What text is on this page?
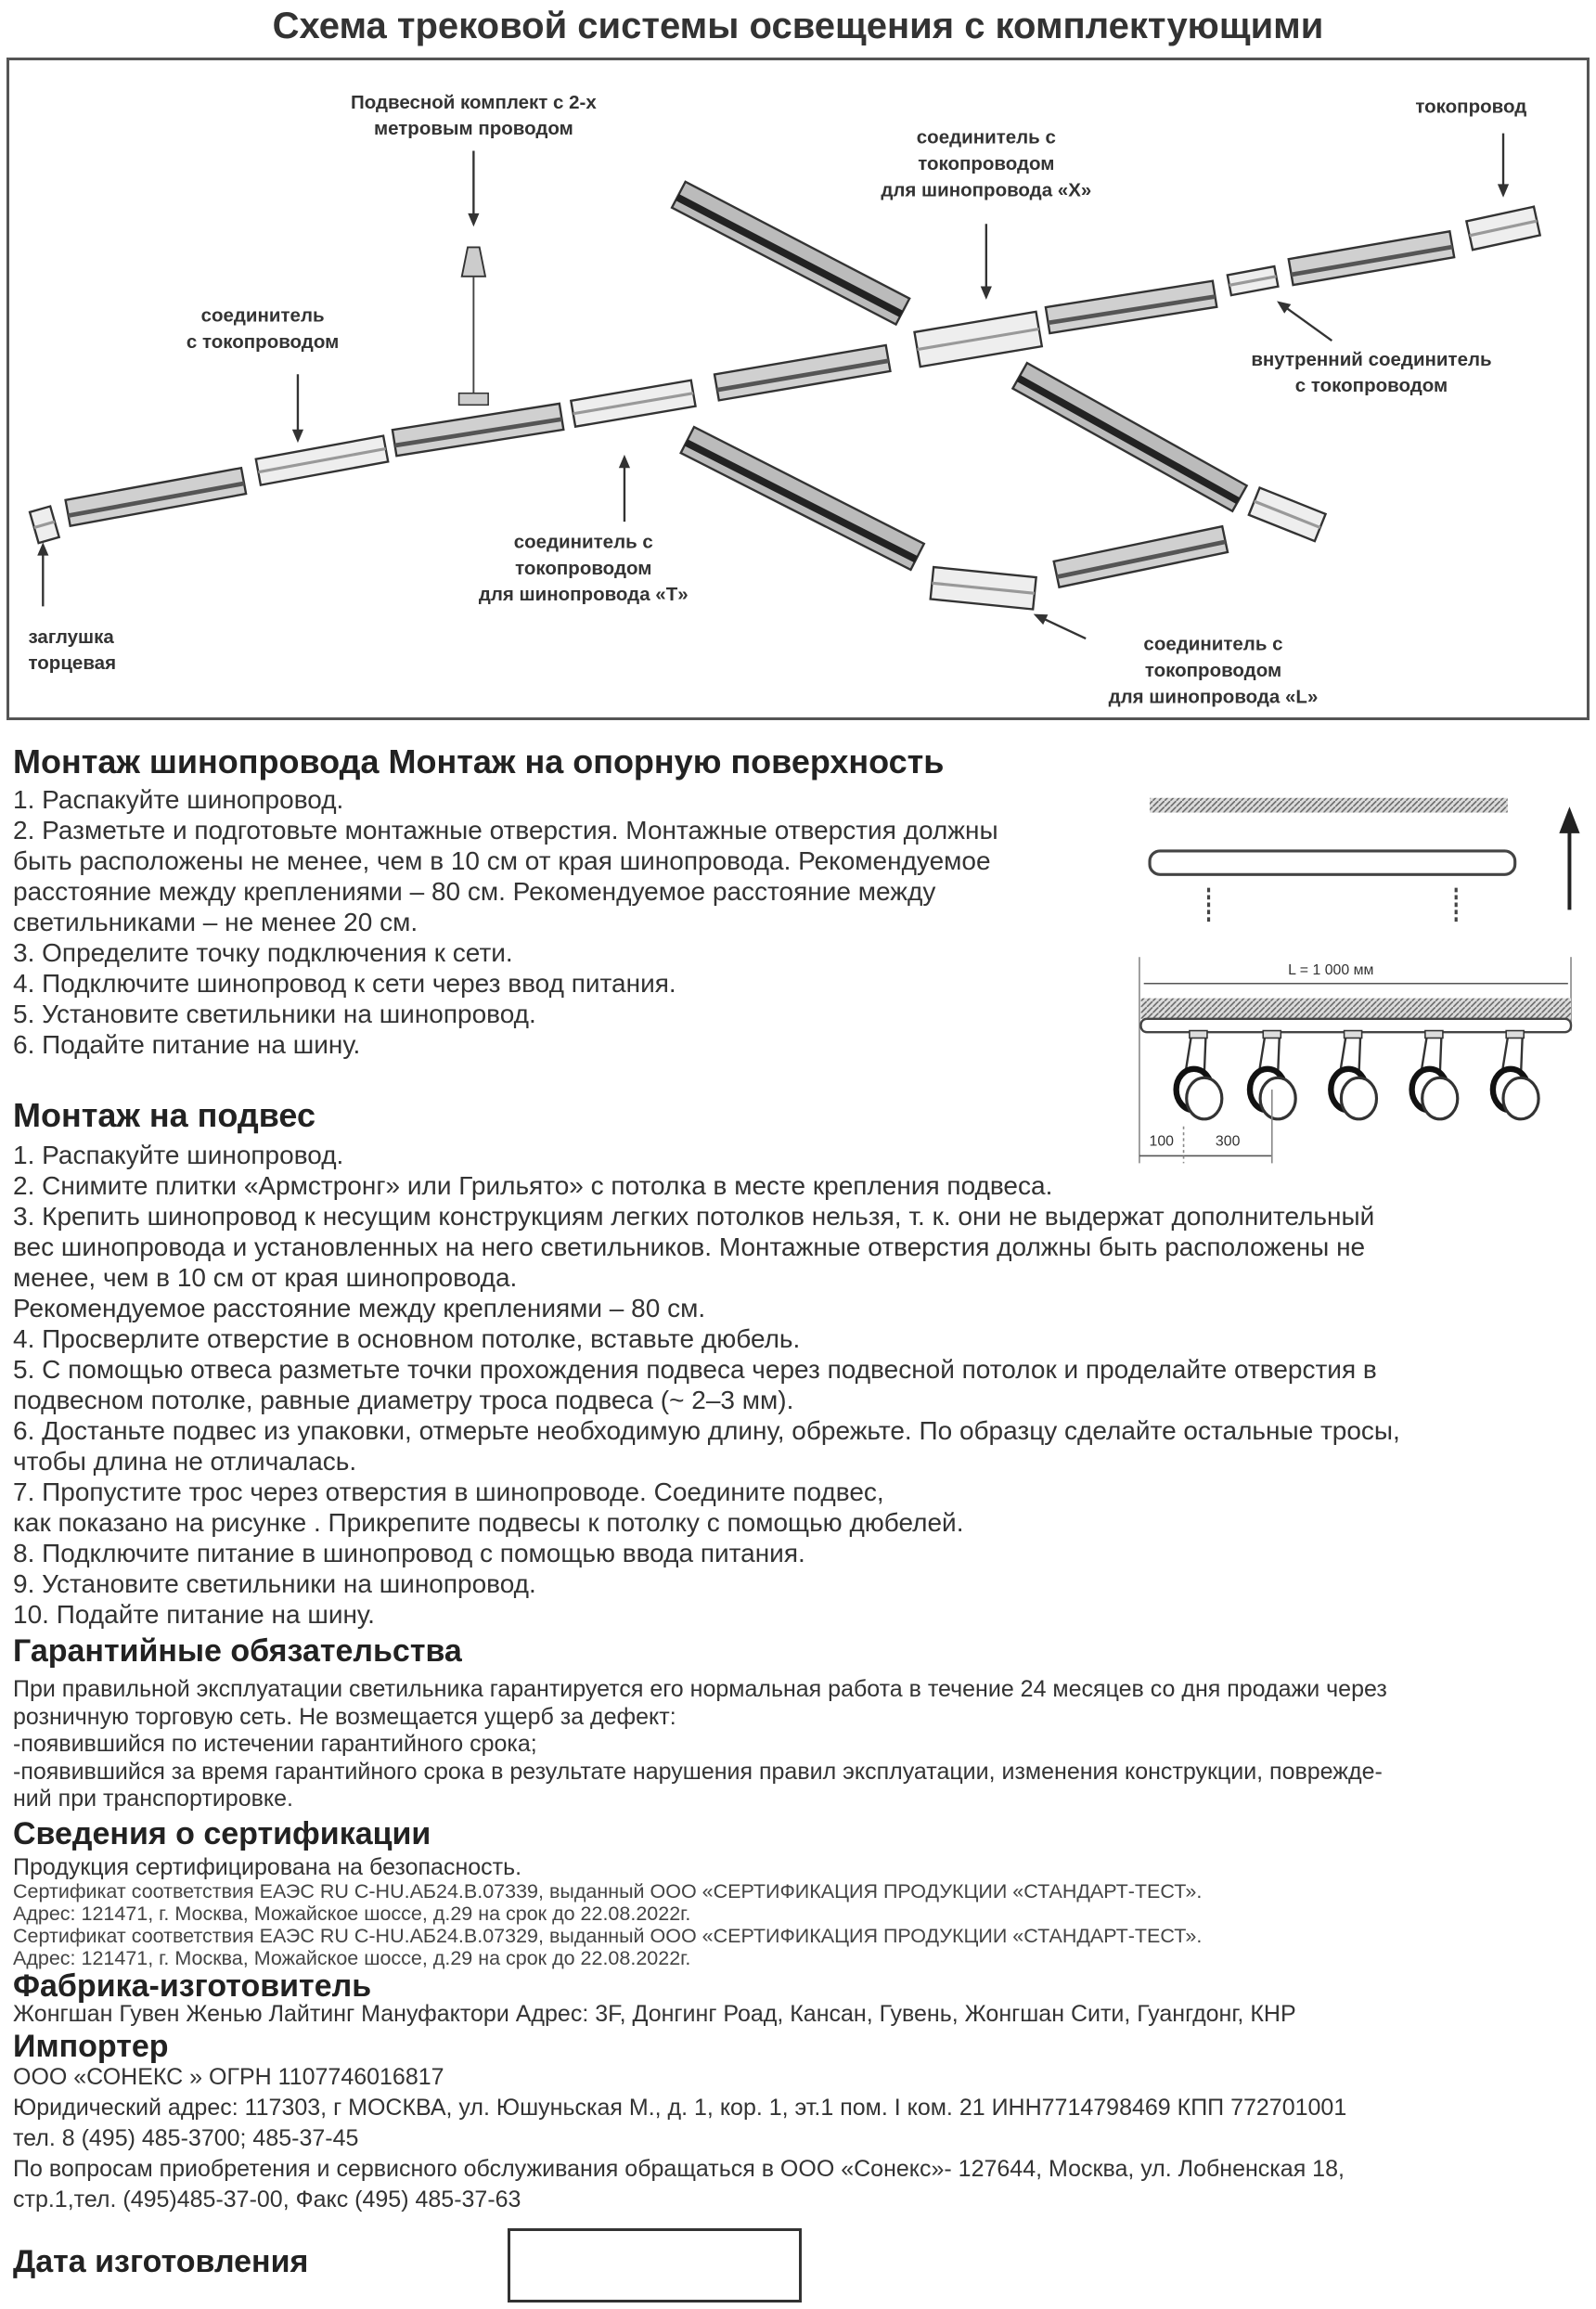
Схема трековой системы освещения с комплектующими
Подвесной комплект с 2-х
метровым проводом	соединитель с
токопроводом
для шинопровода «Х»
токопровод
соединитель
с токопроводом
внутренний соединитель
с токопроводом
соединитель с
токопроводом
для шинопровода «Т»
заглушка
торцевая
соединитель с
токопроводом
для шинопровода «L»
Монтаж шинопровода Монтаж на опорную поверхность
1. Распакуйте шинопровод.
2. Разметьте и подготовьте монтажные отверстия. Монтажные отверстия должны
быть расположены не менее, чем в 10 см от края шинопровода. Рекомендуемое
расстояние между креплениями – 80 см. Рекомендуемое расстояние между
светильниками – не менее 20 см.
3. Определите точку подключения к сети.
4. Подключите шинопровод к сети через ввод питания.
5. Установите светильники на шинопровод.
6. Подайте питание на шину.
L = 1 000 мм
100	300
Монтаж на подвес
1. Распакуйте шинопровод.
2. Снимите плитки «Армстронг» или Грильято» с потолка в месте крепления подвеса.
3. Крепить шинопровод к несущим конструкциям легких потолков нельзя, т. к. они не выдержат дополнительный
вес шинопровода и установленных на него светильников. Монтажные отверстия должны быть расположены не
менее, чем в 10 см от края шинопровода.
Рекомендуемое расстояние между креплениями – 80 см.
4. Просверлите отверстие в основном потолке, вставьте дюбель.
5. С помощью отвеса разметьте точки прохождения подвеса через подвесной потолок и проделайте отверстия в
подвесном потолке, равные диаметру троса подвеса (~ 2–3 мм).
6. Достаньте подвес из упаковки, отмерьте необходимую длину, обрежьте. По образцу сделайте остальные тросы,
чтобы длина не отличалась.
7. Пропустите трос через отверстия в шинопроводе. Соедините подвес,
как показано на рисунке . Прикрепите подвесы к потолку с помощью дюбелей.
8. Подключите питание в шинопровод с помощью ввода питания.
9. Установите светильники на шинопровод.
10. Подайте питание на шину.
Гарантийные обязательства
При правильной эксплуатации светильника гарантируется его нормальная работа в течение 24 месяцев со дня продажи через
розничную торговую сеть. Не возмещается ущерб за дефект:
-появившийся по истечении гарантийного срока;
-появившийся за время гарантийного срока в результате нарушения правил эксплуатации, изменения конструкции, поврежде-
ний при транспортировке.
Сведения о сертификации
Продукция сертифицирована на безопасность.
Сертификат соответствия ЕАЭС RU С-HU.АБ24.В.07339, выданный ООО «СЕРТИФИКАЦИЯ ПРОДУКЦИИ «СТАНДАРТ-ТЕСТ».
Адрес: 121471, г. Москва, Можайское шоссе, д.29 на срок до 22.08.2022г.
Сертификат соответствия ЕАЭС RU С-HU.АБ24.В.07329, выданный ООО «СЕРТИФИКАЦИЯ ПРОДУКЦИИ «СТАНДАРТ-ТЕСТ».
Адрес: 121471, г. Москва, Можайское шоссе, д.29 на срок до 22.08.2022г.
Фабрика-изготовитель
Жонгшан Гувен Женью Лайтинг Мануфактори Адрес: 3F, Донгинг Роад, Кансан, Гувень, Жонгшан Сити, Гуангдонг, КНР
Импортер
ООО «СОНЕКС » ОГРН 1107746016817
Юридический адрес: 117303, г МОСКВА, ул. Юшуньская М., д. 1, кор. 1, эт.1 пом. I ком. 21 ИНН7714798469 КПП 772701001
тел. 8 (495) 485-3700; 485-37-45
По вопросам приобретения и сервисного обслуживания обращаться в ООО «Сонекс»- 127644, Москва, ул. Лобненская 18,
стр.1,тел. (495)485-37-00, Факс (495) 485-37-63
Дата изготовления
